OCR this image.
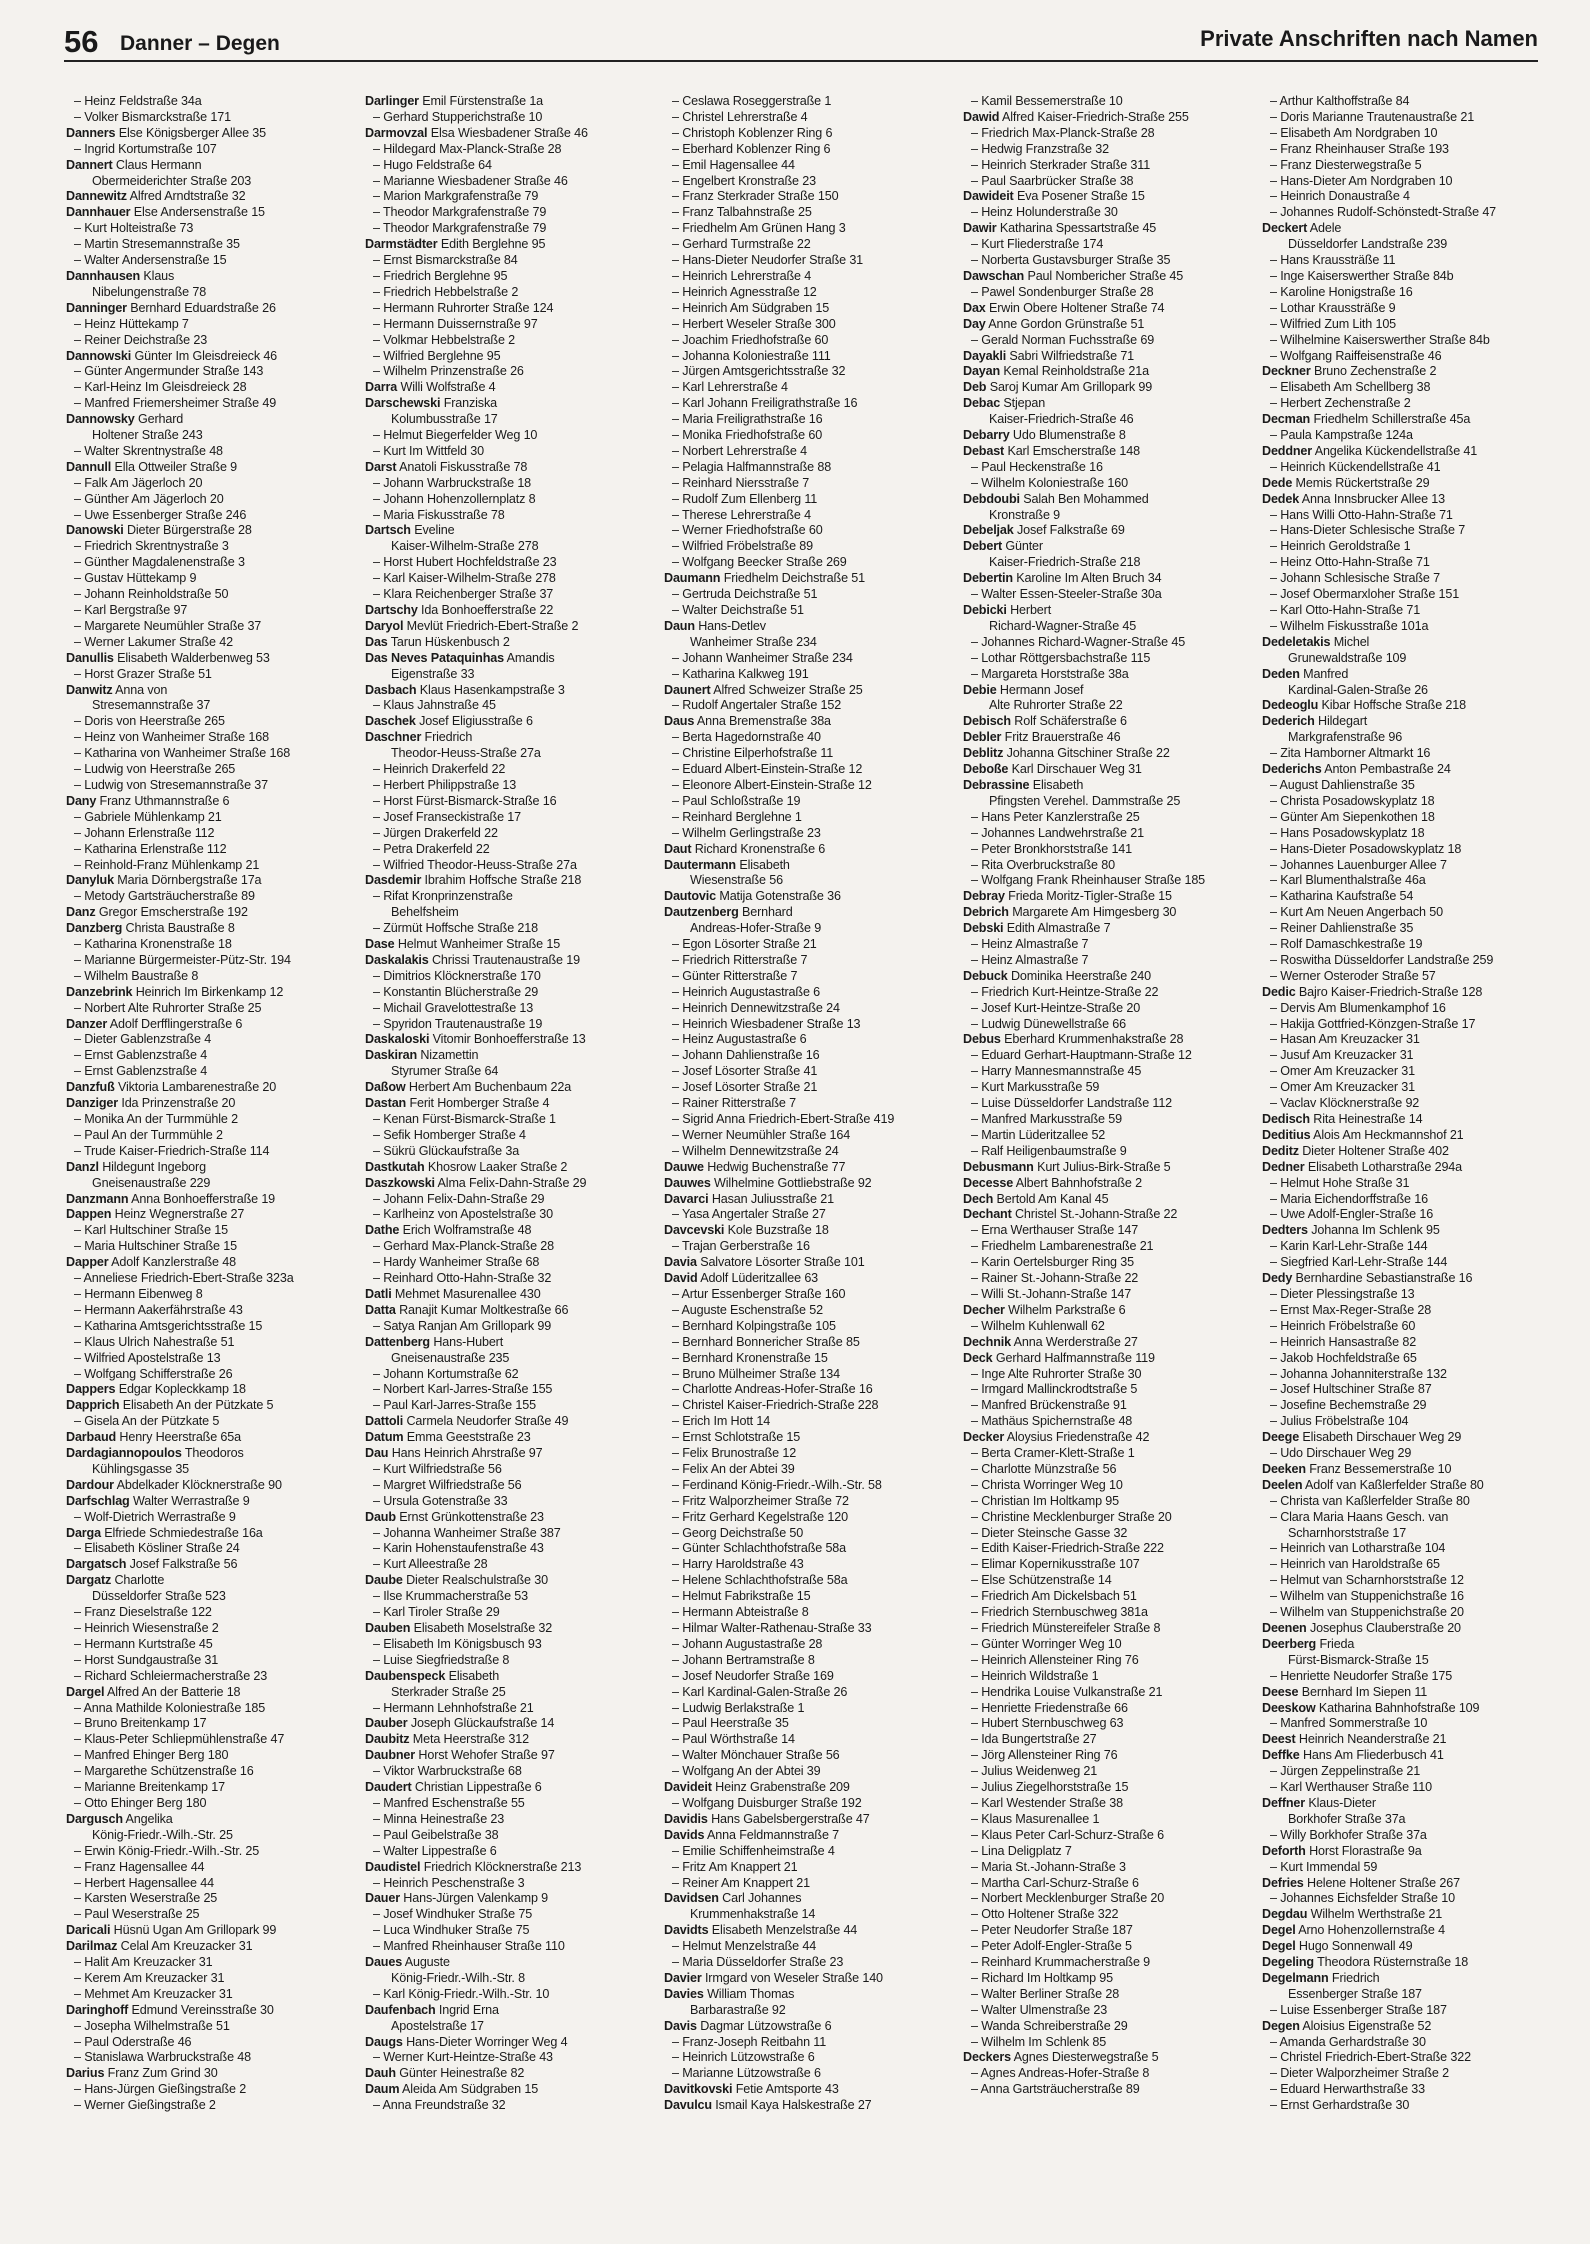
56 Danner – Degen	Private Anschriften nach Namen
– Heinz Feldstraße 34a
– Volker Bismarckstraße 171
Danners Else Königsberger Allee 35
– Ingrid Kortumstraße 107
Dannert Claus Hermann
Obermeiderichter Straße 203
Dannewitz Alfred Arndtstraße 32
Dannhauer Else Andersenstraße 15
– Kurt Holteistraße 73
– Martin Stresemannstraße 35
– Walter Andersenstraße 15
Dannhausen Klaus
Nibelungenstraße 78
Danninger Bernhard Eduardstraße 26
– Heinz Hüttekamp 7
– Reiner Deichstraße 23
Dannowski Günter Im Gleisdreieck 46
– Günter Angermunder Straße 143
– Karl-Heinz Im Gleisdreieck 28
– Manfred Friemersheimer Straße 49
Dannowsky Gerhard
Holtener Straße 243
– Walter Skrentnystraße 48
Dannull Ella Ottweiler Straße 9
– Falk Am Jägerloch 20
– Günther Am Jägerloch 20
– Uwe Essenberger Straße 246
Danowski Dieter Bürgerstraße 28
– Friedrich Skrentnystraße 3
– Günther Magdalenenstraße 3
– Gustav Hüttekamp 9
– Johann Reinholdstraße 50
– Karl Bergstraße 97
– Margarete Neumühler Straße 37
– Werner Lakumer Straße 42
Danullis Elisabeth Walderbenweg 53
– Horst Grazer Straße 51
Danwitz Anna von
Stresemannstraße 37
– Doris von Heerstraße 265
– Heinz von Wanheimer Straße 168
– Katharina von Wanheimer Straße 168
– Ludwig von Heerstraße 265
– Ludwig von Stresemannstraße 37
Dany Franz Uthmannstraße 6
– Gabriele Mühlenkamp 21
– Johann Erlenstraße 112
– Katharina Erlenstraße 112
– Reinhold-Franz Mühlenkamp 21
Danyluk Maria Dörnbergstraße 17a
– Metody Gartsträucherstraße 89
Danz Gregor Emscherstraße 192
Danzberg Christa Baustraße 8
– Katharina Kronenstraße 18
– Marianne Bürgermeister-Pütz-Str. 194
– Wilhelm Baustraße 8
Danzebrink Heinrich Im Birkenkamp 12
– Norbert Alte Ruhrorter Straße 25
Danzer Adolf Derfflingerstraße 6
– Dieter Gablenzstraße 4
– Ernst Gablenzstraße 4
– Ernst Gablenzstraße 4
Danzfuß Viktoria Lambarenestraße 20
Danziger Ida Prinzenstraße 20
– Monika An der Turmmühle 2
– Paul An der Turmmühle 2
– Trude Kaiser-Friedrich-Straße 114
Danzl Hildegunt Ingeborg
Gneisenaustraße 229
Danzmann Anna Bonhoefferstraße 19
Dappen Heinz Wegnerstraße 27
– Karl Hultschiner Straße 15
– Maria Hultschiner Straße 15
Dapper Adolf Kanzlerstraße 48
– Anneliese Friedrich-Ebert-Straße 323a
– Hermann Eibenweg 8
– Hermann Aakerfährstraße 43
– Katharina Amtsgerichtsstraße 15
– Klaus Ulrich Nahestraße 51
– Wilfried Apostelstraße 13
– Wolfgang Schifferstraße 26
Dappers Edgar Kopleckkamp 18
Dapprich Elisabeth An der Pützkate 5
– Gisela An der Pützkate 5
Darbaud Henry Heerstraße 65a
Dardagiannopoulos Theodoros
Kühlingsgasse 35
Dardour Abdelkader Klöcknerstraße 90
Darfschlag Walter Werrastraße 9
– Wolf-Dietrich Werrastraße 9
Darga Elfriede Schmiedestraße 16a
– Elisabeth Kösliner Straße 24
Dargatsch Josef Falkstraße 56
Dargatz Charlotte
Düsseldorfer Straße 523
– Franz Dieselstraße 122
– Heinrich Wiesenstraße 2
– Hermann Kurtstraße 45
– Horst Sundgaustraße 31
– Richard Schleiermacherstraße 23
Dargel Alfred An der Batterie 18
– Anna Mathilde Koloniestraße 185
– Bruno Breitenkamp 17
– Klaus-Peter Schliepmühlenstraße 47
– Manfred Ehinger Berg 180
– Margarethe Schützenstraße 16
– Marianne Breitenkamp 17
– Otto Ehinger Berg 180
Dargusch Angelika
König-Friedr.-Wilh.-Str. 25
– Erwin König-Friedr.-Wilh.-Str. 25
– Franz Hagensallee 44
– Herbert Hagensallee 44
– Karsten Weserstraße 25
– Paul Weserstraße 25
Daricali Hüsnü Ugan Am Grillopark 99
Darilmaz Celal Am Kreuzacker 31
– Halit Am Kreuzacker 31
– Kerem Am Kreuzacker 31
– Mehmet Am Kreuzacker 31
Daringhoff Edmund Vereinsstraße 30
– Josepha Wilhelmstraße 51
– Paul Oderstraße 46
– Stanislawa Warbruckstraße 48
Darius Franz Zum Grind 30
– Hans-Jürgen Gießingstraße 2
– Werner Gießingstraße 2
Darlinger Emil Fürstenstraße 1a
– Gerhard Stupperichstraße 10
Darmovzal Elsa Wiesbadener Straße 46
– Hildegard Max-Planck-Straße 28
– Hugo Feldstraße 64
– Marianne Wiesbadener Straße 46
– Marion Markgrafenstraße 79
– Theodor Markgrafenstraße 79
– Theodor Markgrafenstraße 79
Darmstädter Edith Berglehne 95
– Ernst Bismarckstraße 84
– Friedrich Berglehne 95
– Friedrich Hebbelstraße 2
– Hermann Ruhrorter Straße 124
– Hermann Duissernstraße 97
– Volkmar Hebbelstraße 2
– Wilfried Berglehne 95
– Wilhelm Prinzenstraße 26
Darra Willi Wolfstraße 4
Darschewski Franziska
Kolumbusstraße 17
– Helmut Biegerfelder Weg 10
– Kurt Im Wittfeld 30
Darst Anatoli Fiskusstraße 78
– Johann Warbruckstraße 18
– Johann Hohenzollernplatz 8
– Maria Fiskusstraße 78
Dartsch Eveline
Kaiser-Wilhelm-Straße 278
– Horst Hubert Hochfeldstraße 23
– Karl Kaiser-Wilhelm-Straße 278
– Klara Reichenberger Straße 37
Dartschy Ida Bonhoefferstraße 22
Daryol Mevlüt Friedrich-Ebert-Straße 2
Das Tarun Hüskenbusch 2
Das Neves Pataquinhas Amandis
Eigenstraße 33
Dasbach Klaus Hasenkampstraße 3
– Klaus Jahnstraße 45
Daschek Josef Eligiusstraße 6
Daschner Friedrich
Theodor-Heuss-Straße 27a
– Heinrich Drakerfeld 22
– Herbert Philippstraße 13
– Horst Fürst-Bismarck-Straße 16
– Josef Franseckistraße 17
– Jürgen Drakerfeld 22
– Petra Drakerfeld 22
– Wilfried Theodor-Heuss-Straße 27a
Dasdemir Ibrahim Hoffsche Straße 218
– Rifat Kronprinzenstraße
Behelfsheim
– Zürmüt Hoffsche Straße 218
Dase Helmut Wanheimer Straße 15
Daskalakis Chrissi Trautenaustraße 19
– Dimitrios Klöcknerstraße 170
– Konstantin Blücherstraße 29
– Michail Gravelottestraße 13
– Spyridon Trautenaustraße 19
Daskaloski Vitomir Bonhoefferstraße 13
Daskiran Nizamettin
Styrumer Straße 64
Daßow Herbert Am Buchenbaum 22a
Dastan Ferit Homberger Straße 4
– Kenan Fürst-Bismarck-Straße 1
– Sefik Homberger Straße 4
– Sükrü Glückaufstraße 3a
Dastkutah Khosrow Laaker Straße 2
Daszkowski Alma Felix-Dahn-Straße 29
– Johann Felix-Dahn-Straße 29
– Karlheinz von Apostelstraße 30
Dathe Erich Wolframstraße 48
– Gerhard Max-Planck-Straße 28
– Hardy Wanheimer Straße 68
– Reinhard Otto-Hahn-Straße 32
Datli Mehmet Masurenallee 430
Datta Ranajit Kumar Moltkestraße 66
– Satya Ranjan Am Grillopark 99
Dattenberg Hans-Hubert
Gneisenaustraße 235
– Johann Kortumstraße 62
– Norbert Karl-Jarres-Straße 155
– Paul Karl-Jarres-Straße 155
Dattoli Carmela Neudorfer Straße 49
Datum Emma Geeststraße 23
Dau Hans Heinrich Ahrstraße 97
– Kurt Wilfriedstraße 56
– Margret Wilfriedstraße 56
– Ursula Gotenstraße 33
Daub Ernst Grünkottenstraße 23
– Johanna Wanheimer Straße 387
– Karin Hohenstaufenstraße 43
– Kurt Alleestraße 28
Daube Dieter Realschulstraße 30
– Ilse Krummacherstraße 53
– Karl Tiroler Straße 29
Dauben Elisabeth Moselstraße 32
– Elisabeth Im Königsbusch 93
– Luise Siegfriedstraße 8
Daubenspeck Elisabeth
Sterkrader Straße 25
– Hermann Lehnhofstraße 21
Dauber Joseph Glückaufstraße 14
Daubitz Meta Heerstraße 312
Daubner Horst Wehofer Straße 97
– Viktor Warbruckstraße 68
Daudert Christian Lippestraße 6
– Manfred Eschenstraße 55
– Minna Heinestraße 23
– Paul Geibelstraße 38
– Walter Lippestraße 6
Daudistel Friedrich Klöcknerstraße 213
– Heinrich Peschenstraße 3
Dauer Hans-Jürgen Valenkamp 9
– Josef Windhuker Straße 75
– Luca Windhuker Straße 75
– Manfred Rheinhauser Straße 110
Daues Auguste
König-Friedr.-Wilh.-Str. 8
– Karl König-Friedr.-Wilh.-Str. 10
Daufenbach Ingrid Erna
Apostelstraße 17
Daugs Hans-Dieter Worringer Weg 4
– Werner Kurt-Heintze-Straße 43
Dauh Günter Heinestraße 82
Daum Aleida Am Südgraben 15
– Anna Freundstraße 32
– Ceslawa Roseggerstraße 1
– Christel Lehrerstraße 4
– Christoph Koblenzer Ring 6
– Eberhard Koblenzer Ring 6
– Emil Hagensallee 44
– Engelbert Kronstraße 23
– Franz Sterkrader Straße 150
– Franz Talbahnstraße 25
– Friedhelm Am Grünen Hang 3
– Gerhard Turmstraße 22
– Hans-Dieter Neudorfer Straße 31
– Heinrich Lehrerstraße 4
– Heinrich Agnesstraße 12
– Heinrich Am Südgraben 15
– Herbert Weseler Straße 300
– Joachim Friedhofstraße 60
– Johanna Koloniestraße 111
– Jürgen Amtsgerichtsstraße 32
– Karl Lehrerstraße 4
– Karl Johann Freiligrathstraße 16
– Maria Freiligrathstraße 16
– Monika Friedhofstraße 60
– Norbert Lehrerstraße 4
– Pelagia Halfmannstraße 88
– Reinhard Niersstraße 7
– Rudolf Zum Ellenberg 11
– Therese Lehrerstraße 4
– Werner Friedhofstraße 60
– Wilfried Fröbelstraße 89
– Wolfgang Beecker Straße 269
Daumann Friedhelm Deichstraße 51
– Gertruda Deichstraße 51
– Walter Deichstraße 51
Daun Hans-Detlev
Wanheimer Straße 234
– Johann Wanheimer Straße 234
– Katharina Kalkweg 191
Daunert Alfred Schweizer Straße 25
– Rudolf Angertaler Straße 152
Daus Anna Bremenstraße 38a
– Berta Hagedornstraße 40
– Christine Eilperhofstraße 11
– Eduard Albert-Einstein-Straße 12
– Eleonore Albert-Einstein-Straße 12
– Paul Schloßstraße 19
– Reinhard Berglehne 1
– Wilhelm Gerlingstraße 23
Daut Richard Kronenstraße 6
Dautermann Elisabeth
Wiesenstraße 56
Dautovic Matija Gotenstraße 36
Dautzenberg Bernhard
Andreas-Hofer-Straße 9
– Egon Lösorter Straße 21
– Friedrich Ritterstraße 7
– Günter Ritterstraße 7
– Heinrich Augustastraße 6
– Heinrich Dennewitzstraße 24
– Heinrich Wiesbadener Straße 13
– Heinz Augustastraße 6
– Johann Dahlienstraße 16
– Josef Lösorter Straße 41
– Josef Lösorter Straße 21
– Rainer Ritterstraße 7
– Sigrid Anna Friedrich-Ebert-Straße 419
– Werner Neumühler Straße 164
– Wilhelm Dennewitzstraße 24
Dauwe Hedwig Buchenstraße 77
Dauwes Wilhelmine Gottliebstraße 92
Davarci Hasan Juliusstraße 21
– Yasa Angertaler Straße 27
Davcevski Kole Buzstraße 18
– Trajan Gerberstraße 16
Davia Salvatore Lösorter Straße 101
David Adolf Lüderitzallee 63
– Artur Essenberger Straße 160
– Auguste Eschenstraße 52
– Bernhard Kolpingstraße 105
– Bernhard Bonnericher Straße 85
– Bernhard Kronenstraße 15
– Bruno Mülheimer Straße 134
– Charlotte Andreas-Hofer-Straße 16
– Christel Kaiser-Friedrich-Straße 228
– Erich Im Hott 14
– Ernst Schlotstraße 15
– Felix Brunostraße 12
– Felix An der Abtei 39
– Ferdinand König-Friedr.-Wilh.-Str. 58
– Fritz Walporzheimer Straße 72
– Fritz Gerhard Kegelstraße 120
– Georg Deichstraße 50
– Günter Schlachthofstraße 58a
– Harry Haroldstraße 43
– Helene Schlachthofstraße 58a
– Helmut Fabrikstraße 15
– Hermann Abteistraße 8
– Hilmar Walter-Rathenau-Straße 33
– Johann Augustastraße 28
– Johann Bertramstraße 8
– Josef Neudorfer Straße 169
– Karl Kardinal-Galen-Straße 26
– Ludwig Berlakstraße 1
– Paul Heerstraße 35
– Paul Wörthstraße 14
– Walter Mönchauer Straße 56
– Wolfgang An der Abtei 39
Davideit Heinz Grabenstraße 209
– Wolfgang Duisburger Straße 192
Davidis Hans Gabelsbergerstraße 47
Davids Anna Feldmannstraße 7
– Emilie Schiffenheimstraße 4
– Fritz Am Knappert 21
– Reiner Am Knappert 21
Davidsen Carl Johannes
Krummenhakstraße 14
Davidts Elisabeth Menzelstraße 44
– Helmut Menzelstraße 44
– Maria Düsseldorfer Straße 23
Davier Irmgard von Weseler Straße 140
Davies William Thomas
Barbarastraße 92
Davis Dagmar Lützowstraße 6
– Franz-Joseph Reitbahn 11
– Heinrich Lützowstraße 6
– Marianne Lützowstraße 6
Davitkovski Fetie Amtsporte 43
Davulcu Ismail Kaya Halskestraße 27
– Kamil Bessemerstraße 10
Dawid Alfred Kaiser-Friedrich-Straße 255
– Friedrich Max-Planck-Straße 28
– Hedwig Franzstraße 32
– Heinrich Sterkrader Straße 311
– Paul Saarbrücker Straße 38
Dawideit Eva Posener Straße 15
– Heinz Holunderstraße 30
Dawir Katharina Spessartstraße 45
– Kurt Fliederstraße 174
– Norberta Gustavsburger Straße 35
Dawschan Paul Nombericher Straße 45
– Pawel Sondenburger Straße 28
Dax Erwin Obere Holtener Straße 74
Day Anne Gordon Grünstraße 51
– Gerald Norman Fuchsstraße 69
Dayakli Sabri Wilfriedstraße 71
Dayan Kemal Reinholdstraße 21a
Deb Saroj Kumar Am Grillopark 99
Debac Stjepan
Kaiser-Friedrich-Straße 46
Debarry Udo Blumenstraße 8
Debast Karl Emscherstraße 148
– Paul Heckenstraße 16
– Wilhelm Koloniestraße 160
Debdoubi Salah Ben Mohammed
Kronstraße 9
Debeljak Josef Falkstraße 69
Debert Günter
Kaiser-Friedrich-Straße 218
Debertin Karoline Im Alten Bruch 34
– Walter Essen-Steeler-Straße 30a
Debicki Herbert
Richard-Wagner-Straße 45
– Johannes Richard-Wagner-Straße 45
– Lothar Röttgersbachstraße 115
– Margareta Horststraße 38a
Debie Hermann Josef
Alte Ruhrorter Straße 22
Debisch Rolf Schäferstraße 6
Debler Fritz Brauerstraße 46
Deblitz Johanna Gitschiner Straße 22
Deboße Karl Dirschauer Weg 31
Debrassine Elisabeth
Pfingsten Verehel. Dammstraße 25
– Hans Peter Kanzlerstraße 25
– Johannes Landwehrstraße 21
– Peter Bronkhorststraße 141
– Rita Overbruckstraße 80
– Wolfgang Frank Rheinhauser Straße 185
Debray Frieda Moritz-Tigler-Straße 15
Debrich Margarete Am Himgesberg 30
Debski Edith Almastraße 7
– Heinz Almastraße 7
– Heinz Almastraße 7
Debuck Dominika Heerstraße 240
– Friedrich Kurt-Heintze-Straße 22
– Josef Kurt-Heintze-Straße 20
– Ludwig Dünewellstraße 66
Debus Eberhard Krummenhakstraße 28
– Eduard Gerhart-Hauptmann-Straße 12
– Harry Mannesmannstraße 45
– Kurt Markusstraße 59
– Luise Düsseldorfer Landstraße 112
– Manfred Markusstraße 59
– Martin Lüderitzallee 52
– Ralf Heiligenbaumstraße 9
Debusmann Kurt Julius-Birk-Straße 5
Decesse Albert Bahnhofstraße 2
Dech Bertold Am Kanal 45
Dechant Christel St.-Johann-Straße 22
– Erna Werthauser Straße 147
– Friedhelm Lambarenestraße 21
– Karin Oertelsburger Ring 35
– Rainer St.-Johann-Straße 22
– Willi St.-Johann-Straße 147
Decher Wilhelm Parkstraße 6
– Wilhelm Kuhlenwall 62
Dechnik Anna Werderstraße 27
Deck Gerhard Halfmannstraße 119
– Inge Alte Ruhrorter Straße 30
– Irmgard Mallinckrodtstraße 5
– Manfred Brückenstraße 91
– Mathäus Spichernstraße 48
Decker Aloysius Friedenstraße 42
– Berta Cramer-Klett-Straße 1
– Charlotte Münzstraße 56
– Christa Worringer Weg 10
– Christian Im Holtkamp 95
– Christine Mecklenburger Straße 20
– Dieter Steinsche Gasse 32
– Edith Kaiser-Friedrich-Straße 222
– Elimar Kopernikusstraße 107
– Else Schützenstraße 14
– Friedrich Am Dickelsbach 51
– Friedrich Sternbuschweg 381a
– Friedrich Münstereifeler Straße 8
– Günter Worringer Weg 10
– Heinrich Allensteiner Ring 76
– Heinrich Wildstraße 1
– Hendrika Louise Vulkanstraße 21
– Henriette Friedenstraße 66
– Hubert Sternbuschweg 63
– Ida Bungertstraße 27
– Jörg Allensteiner Ring 76
– Julius Weidenweg 21
– Julius Ziegelhorststraße 15
– Karl Westender Straße 38
– Klaus Masurenallee 1
– Klaus Peter Carl-Schurz-Straße 6
– Lina Deligplatz 7
– Maria St.-Johann-Straße 3
– Martha Carl-Schurz-Straße 6
– Norbert Mecklenburger Straße 20
– Otto Holtener Straße 322
– Peter Neudorfer Straße 187
– Peter Adolf-Engler-Straße 5
– Reinhard Krummacherstraße 9
– Richard Im Holtkamp 95
– Walter Berliner Straße 28
– Walter Ulmenstraße 23
– Wanda Schreiberstraße 29
– Wilhelm Im Schlenk 85
Deckers Agnes Diesterwegstraße 5
– Agnes Andreas-Hofer-Straße 8
– Anna Gartsträucherstraße 89
– Arthur Kalthoffstraße 84
– Doris Marianne Trautenaustraße 21
– Elisabeth Am Nordgraben 10
– Franz Rheinhauser Straße 193
– Franz Diesterwegstraße 5
– Hans-Dieter Am Nordgraben 10
– Heinrich Donaustraße 4
– Johannes Rudolf-Schönstedt-Straße 47
Deckert Adele
Düsseldorfer Landstraße 239
– Hans Kraussträße 11
– Inge Kaiserswerther Straße 84b
– Karoline Honigstraße 16
– Lothar Kraussträße 9
– Wilfried Zum Lith 105
– Wilhelmine Kaiserswerther Straße 84b
– Wolfgang Raiffeisenstraße 46
Deckner Bruno Zechenstraße 2
– Elisabeth Am Schellberg 38
– Herbert Zechenstraße 2
Decman Friedhelm Schillerstraße 45a
– Paula Kampstraße 124a
Deddner Angelika Kückendellstraße 41
– Heinrich Kückendellstraße 41
Dede Memis Rückertstraße 29
Dedek Anna Innsbrucker Allee 13
– Hans Willi Otto-Hahn-Straße 71
– Hans-Dieter Schlesische Straße 7
– Heinrich Geroldstraße 1
– Heinz Otto-Hahn-Straße 71
– Johann Schlesische Straße 7
– Josef Obermarxloher Straße 151
– Karl Otto-Hahn-Straße 71
– Wilhelm Fiskusstraße 101a
Dedeletakis Michel
Grunewaldstraße 109
Deden Manfred
Kardinal-Galen-Straße 26
Dedeoglu Kibar Hoffsche Straße 218
Dederich Hildegart
Markgrafenstraße 96
– Zita Hamborner Altmarkt 16
Dederichs Anton Pembastraße 24
– August Dahlienstraße 35
– Christa Posadowskyplatz 18
– Günter Am Siepenkothen 18
– Hans Posadowskyplatz 18
– Hans-Dieter Posadowskyplatz 18
– Johannes Lauenburger Allee 7
– Karl Blumenthalstraße 46a
– Katharina Kaufstraße 54
– Kurt Am Neuen Angerbach 50
– Reiner Dahlienstraße 35
– Rolf Damaschkestraße 19
– Roswitha Düsseldorfer Landstraße 259
– Werner Osteroder Straße 57
Dedic Bajro Kaiser-Friedrich-Straße 128
– Dervis Am Blumenkamphof 16
– Hakija Gottfried-Könzgen-Straße 17
– Hasan Am Kreuzacker 31
– Jusuf Am Kreuzacker 31
– Omer Am Kreuzacker 31
– Omer Am Kreuzacker 31
– Vaclav Klöcknerstraße 92
Dedisch Rita Heinestraße 14
Deditius Alois Am Heckmannshof 21
Deditz Dieter Holtener Straße 402
Dedner Elisabeth Lotharstraße 294a
– Helmut Hohe Straße 31
– Maria Eichendorffstraße 16
– Uwe Adolf-Engler-Straße 16
Dedters Johanna Im Schlenk 95
– Karin Karl-Lehr-Straße 144
– Siegfried Karl-Lehr-Straße 144
Dedy Bernhardine Sebastianstraße 16
– Dieter Plessingstraße 13
– Ernst Max-Reger-Straße 28
– Heinrich Fröbelstraße 60
– Heinrich Hansastraße 82
– Jakob Hochfeldstraße 65
– Johanna Johanniterstraße 132
– Josef Hultschiner Straße 87
– Josefine Bechemstraße 29
– Julius Fröbelstraße 104
Deege Elisabeth Dirschauer Weg 29
– Udo Dirschauer Weg 29
Deeken Franz Bessemerstraße 10
Deelen Adolf van Kaßlerfelder Straße 80
– Christa van Kaßlerfelder Straße 80
– Clara Maria Haans Gesch. van
Scharnhorststraße 17
– Heinrich van Lotharstraße 104
– Heinrich van Haroldstraße 65
– Helmut van Scharnhorststraße 12
– Wilhelm van Stuppenichstraße 16
– Wilhelm van Stuppenichstraße 20
Deenen Josephus Clauberstraße 20
Deerberg Frieda
Fürst-Bismarck-Straße 15
– Henriette Neudorfer Straße 175
Deese Bernhard Im Siepen 11
Deeskow Katharina Bahnhofstraße 109
– Manfred Sommerstraße 10
Deest Heinrich Neanderstraße 21
Deffke Hans Am Fliederbusch 41
– Jürgen Zeppelinstraße 21
– Karl Werthauser Straße 110
Deffner Klaus-Dieter
Borkhofer Straße 37a
– Willy Borkhofer Straße 37a
Deforth Horst Florastraße 9a
– Kurt Immendal 59
Defries Helene Holtener Straße 267
– Johannes Eichsfelder Straße 10
Degdau Wilhelm Werthstraße 21
Degel Arno Hohenzollernstraße 4
Degel Hugo Sonnenwall 49
Degeling Theodora Rüsternstraße 18
Degelmann Friedrich
Essenberger Straße 187
– Luise Essenberger Straße 187
Degen Aloisius Eigenstraße 52
– Amanda Gerhardstraße 30
– Christel Friedrich-Ebert-Straße 322
– Dieter Walporzheimer Straße 2
– Eduard Herwarthstraße 33
– Ernst Gerhardstraße 30
